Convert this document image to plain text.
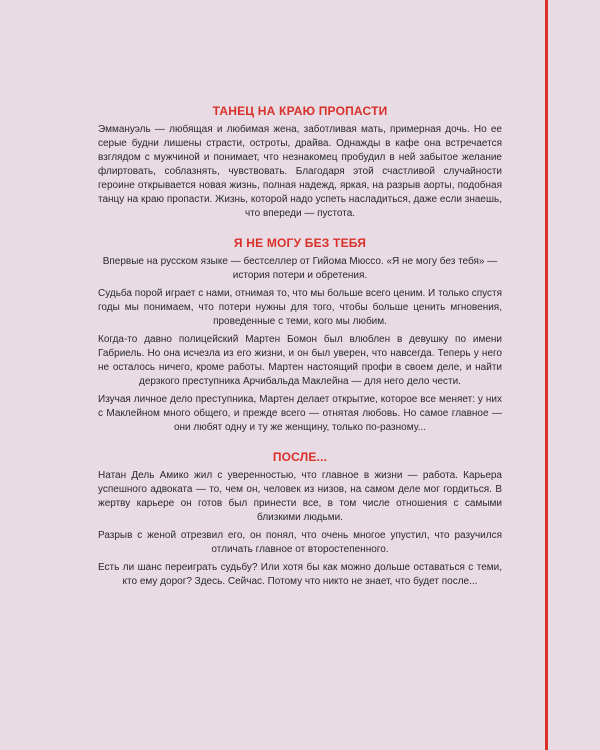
ТАНЕЦ НА КРАЮ ПРОПАСТИ

Эммануэль — любящая и любимая жена, заботливая мать, примерная дочь. Но ее серые будни лишены страсти, остроты, драйва. Однажды в кафе она встречается взглядом с мужчиной и понимает, что незнакомец пробудил в ней забытое желание флиртовать, соблазнять, чувствовать. Благодаря этой счастливой случайности героине открывается новая жизнь, полная надежд, яркая, на разрыв аорты, подобная танцу на краю пропасти. Жизнь, которой надо успеть насладиться, даже если знаешь, что впереди — пустота.

Я НЕ МОГУ БЕЗ ТЕБЯ

Впервые на русском языке — бестселлер от Гийома Мюссо. «Я не могу без тебя» — история потери и обретения.

Судьба порой играет с нами, отнимая то, что мы больше всего ценим. И только спустя годы мы понимаем, что потери нужны для того, чтобы больше ценить мгновения, проведенные с теми, кого мы любим.

Когда-то давно полицейский Мартен Бомон был влюблен в девушку по имени Габриель. Но она исчезла из его жизни, и он был уверен, что навсегда. Теперь у него не осталось ничего, кроме работы. Мартен настоящий профи в своем деле, и найти дерзкого преступника Арчибальда Маклейна — для него дело чести.

Изучая личное дело преступника, Мартен делает открытие, которое все меняет: у них с Маклейном много общего, и прежде всего — отнятая любовь. Но самое главное — они любят одну и ту же женщину, только по-разному...

ПОСЛЕ...

Натан Дель Амико жил с уверенностью, что главное в жизни — работа. Карьера успешного адвоката — то, чем он, человек из низов, на самом деле мог гордиться. В жертву карьере он готов был принести все, в том числе отношения с самыми близкими людьми.

Разрыв с женой отрезвил его, он понял, что очень многое упустил, что разучился отличать главное от второстепенного.

Есть ли шанс переиграть судьбу? Или хотя бы как можно дольше оставаться с теми, кто ему дорог? Здесь. Сейчас. Потому что никто не знает, что будет после...
